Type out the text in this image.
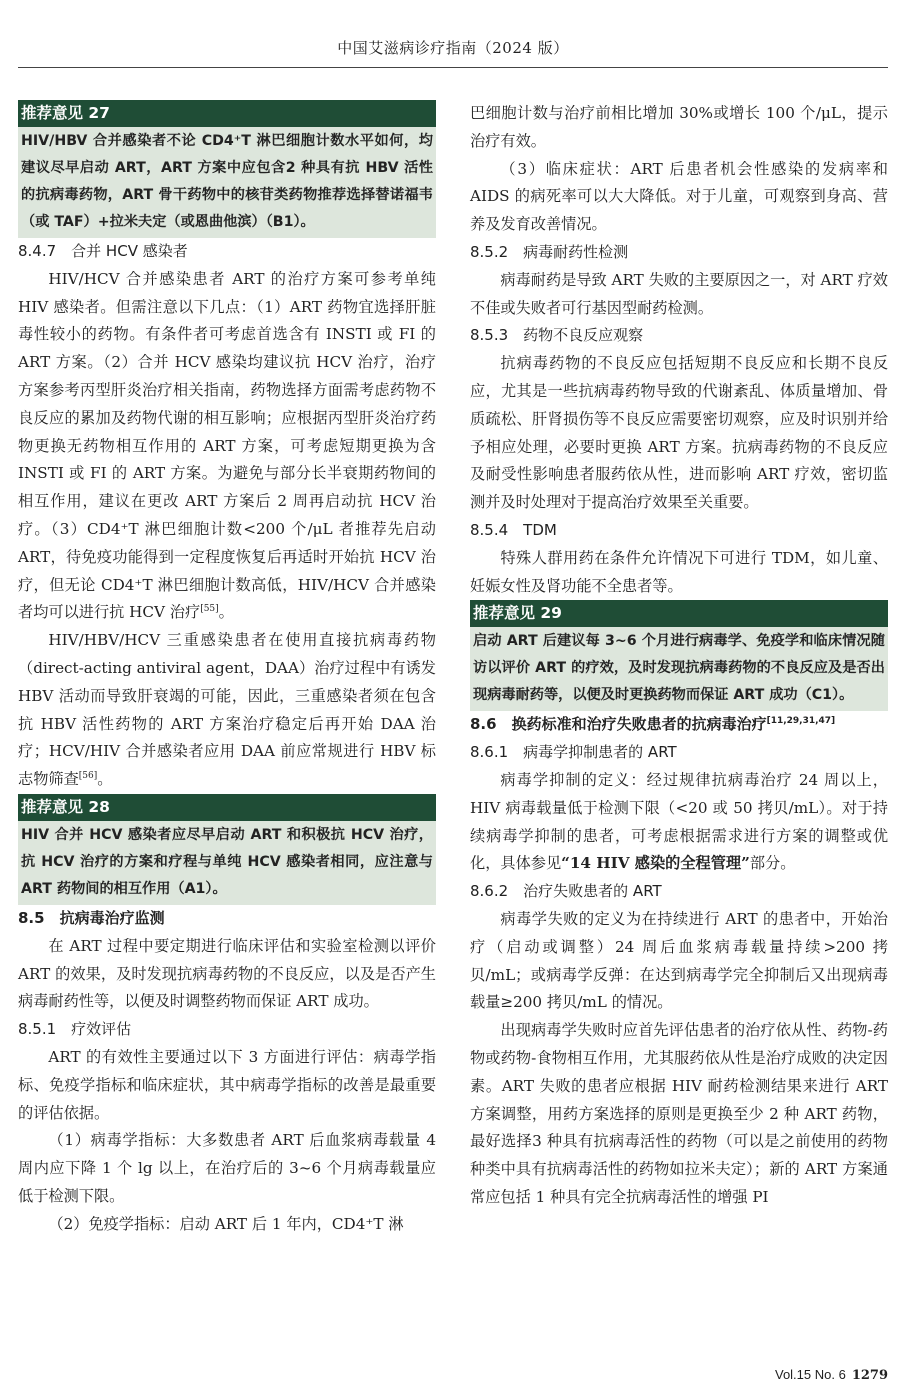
中国艾滋病诊疗指南（2024 版）
推荐意见 27
HIV/HBV 合并感染者不论 CD4⁺T 淋巴细胞计数水平如何，均建议尽早启动 ART，ART 方案中应包含2 种具有抗 HBV 活性的抗病毒药物，ART 骨干药物中的核苷类药物推荐选择替诺福韦（或 TAF）+拉米夫定（或恩曲他滨）（B1）。

8.4.7　合并 HCV 感染者

HIV/HCV 合并感染患者 ART 的治疗方案可参考单纯 HIV 感染者。但需注意以下几点：（1）ART 药物宜选择肝脏毒性较小的药物。有条件者可考虑首选含有 INSTI 或 FI 的 ART 方案。（2）合并 HCV 感染均建议抗 HCV 治疗，治疗方案参考丙型肝炎治疗相关指南，药物选择方面需考虑药物不良反应的累加及药物代谢的相互影响；应根据丙型肝炎治疗药物更换无药物相互作用的 ART 方案，可考虑短期更换为含 INSTI 或 FI 的 ART 方案。为避免与部分长半衰期药物间的相互作用，建议在更改 ART 方案后 2 周再启动抗 HCV 治疗。（3）CD4⁺T 淋巴细胞计数<200 个/μL 者推荐先启动 ART，待免疫功能得到一定程度恢复后再适时开始抗 HCV 治疗，但无论 CD4⁺T 淋巴细胞计数高低，HIV/HCV 合并感染者均可以进行抗 HCV 治疗[55]。

HIV/HBV/HCV 三重感染患者在使用直接抗病毒药物（direct-acting antiviral agent，DAA）治疗过程中有诱发 HBV 活动而导致肝衰竭的可能，因此，三重感染者须在包含抗 HBV 活性药物的 ART 方案治疗稳定后再开始 DAA 治疗；HCV/HIV 合并感染者应用 DAA 前应常规进行 HBV 标志物筛查[56]。

推荐意见 28
HIV 合并 HCV 感染者应尽早启动 ART 和积极抗 HCV 治疗，抗 HCV 治疗的方案和疗程与单纯 HCV 感染者相同，应注意与 ART 药物间的相互作用（A1）。

8.5　抗病毒治疗监测

在 ART 过程中要定期进行临床评估和实验室检测以评价 ART 的效果，及时发现抗病毒药物的不良反应，以及是否产生病毒耐药性等，以便及时调整药物而保证 ART 成功。

8.5.1　疗效评估

ART 的有效性主要通过以下 3 方面进行评估：病毒学指标、免疫学指标和临床症状，其中病毒学指标的改善是最重要的评估依据。

（1）病毒学指标：大多数患者 ART 后血浆病毒载量 4 周内应下降 1 个 lg 以上，在治疗后的 3~6 个月病毒载量应低于检测下限。

（2）免疫学指标：启动 ART 后 1 年内，CD4⁺T 淋

巴细胞计数与治疗前相比增加 30%或增长 100 个/μL，提示治疗有效。

（3）临床症状：ART 后患者机会性感染的发病率和 AIDS 的病死率可以大大降低。对于儿童，可观察到身高、营养及发育改善情况。

8.5.2　病毒耐药性检测

病毒耐药是导致 ART 失败的主要原因之一，对 ART 疗效不佳或失败者可行基因型耐药检测。

8.5.3　药物不良反应观察

抗病毒药物的不良反应包括短期不良反应和长期不良反应，尤其是一些抗病毒药物导致的代谢紊乱、体质量增加、骨质疏松、肝肾损伤等不良反应需要密切观察，应及时识别并给予相应处理，必要时更换 ART 方案。抗病毒药物的不良反应及耐受性影响患者服药依从性，进而影响 ART 疗效，密切监测并及时处理对于提高治疗效果至关重要。

8.5.4　TDM

特殊人群用药在条件允许情况下可进行 TDM，如儿童、妊娠女性及肾功能不全患者等。

推荐意见 29
启动 ART 后建议每 3~6 个月进行病毒学、免疫学和临床情况随访以评价 ART 的疗效，及时发现抗病毒药物的不良反应及是否出现病毒耐药等，以便及时更换药物而保证 ART 成功（C1）。

8.6　换药标准和治疗失败患者的抗病毒治疗[11,29,31,47]

8.6.1　病毒学抑制患者的 ART

病毒学抑制的定义：经过规律抗病毒治疗 24 周以上，HIV 病毒载量低于检测下限（<20 或 50 拷贝/mL）。对于持续病毒学抑制的患者，可考虑根据需求进行方案的调整或优化，具体参见“14 HIV 感染的全程管理”部分。

8.6.2　治疗失败患者的 ART

病毒学失败的定义为在持续进行 ART 的患者中，开始治疗（启动或调整）24 周后血浆病毒载量持续>200 拷贝/mL；或病毒学反弹：在达到病毒学完全抑制后又出现病毒载量≥200 拷贝/mL 的情况。

出现病毒学失败时应首先评估患者的治疗依从性、药物-药物或药物-食物相互作用，尤其服药依从性是治疗成败的决定因素。ART 失败的患者应根据 HIV 耐药检测结果来进行 ART 方案调整，用药方案选择的原则是更换至少 2 种 ART 药物，最好选择3 种具有抗病毒活性的药物（可以是之前使用的药物种类中具有抗病毒活性的药物如拉米夫定）；新的 ART 方案通常应包括 1 种具有完全抗病毒活性的增强 PI

Vol.15 No. 6 1279
